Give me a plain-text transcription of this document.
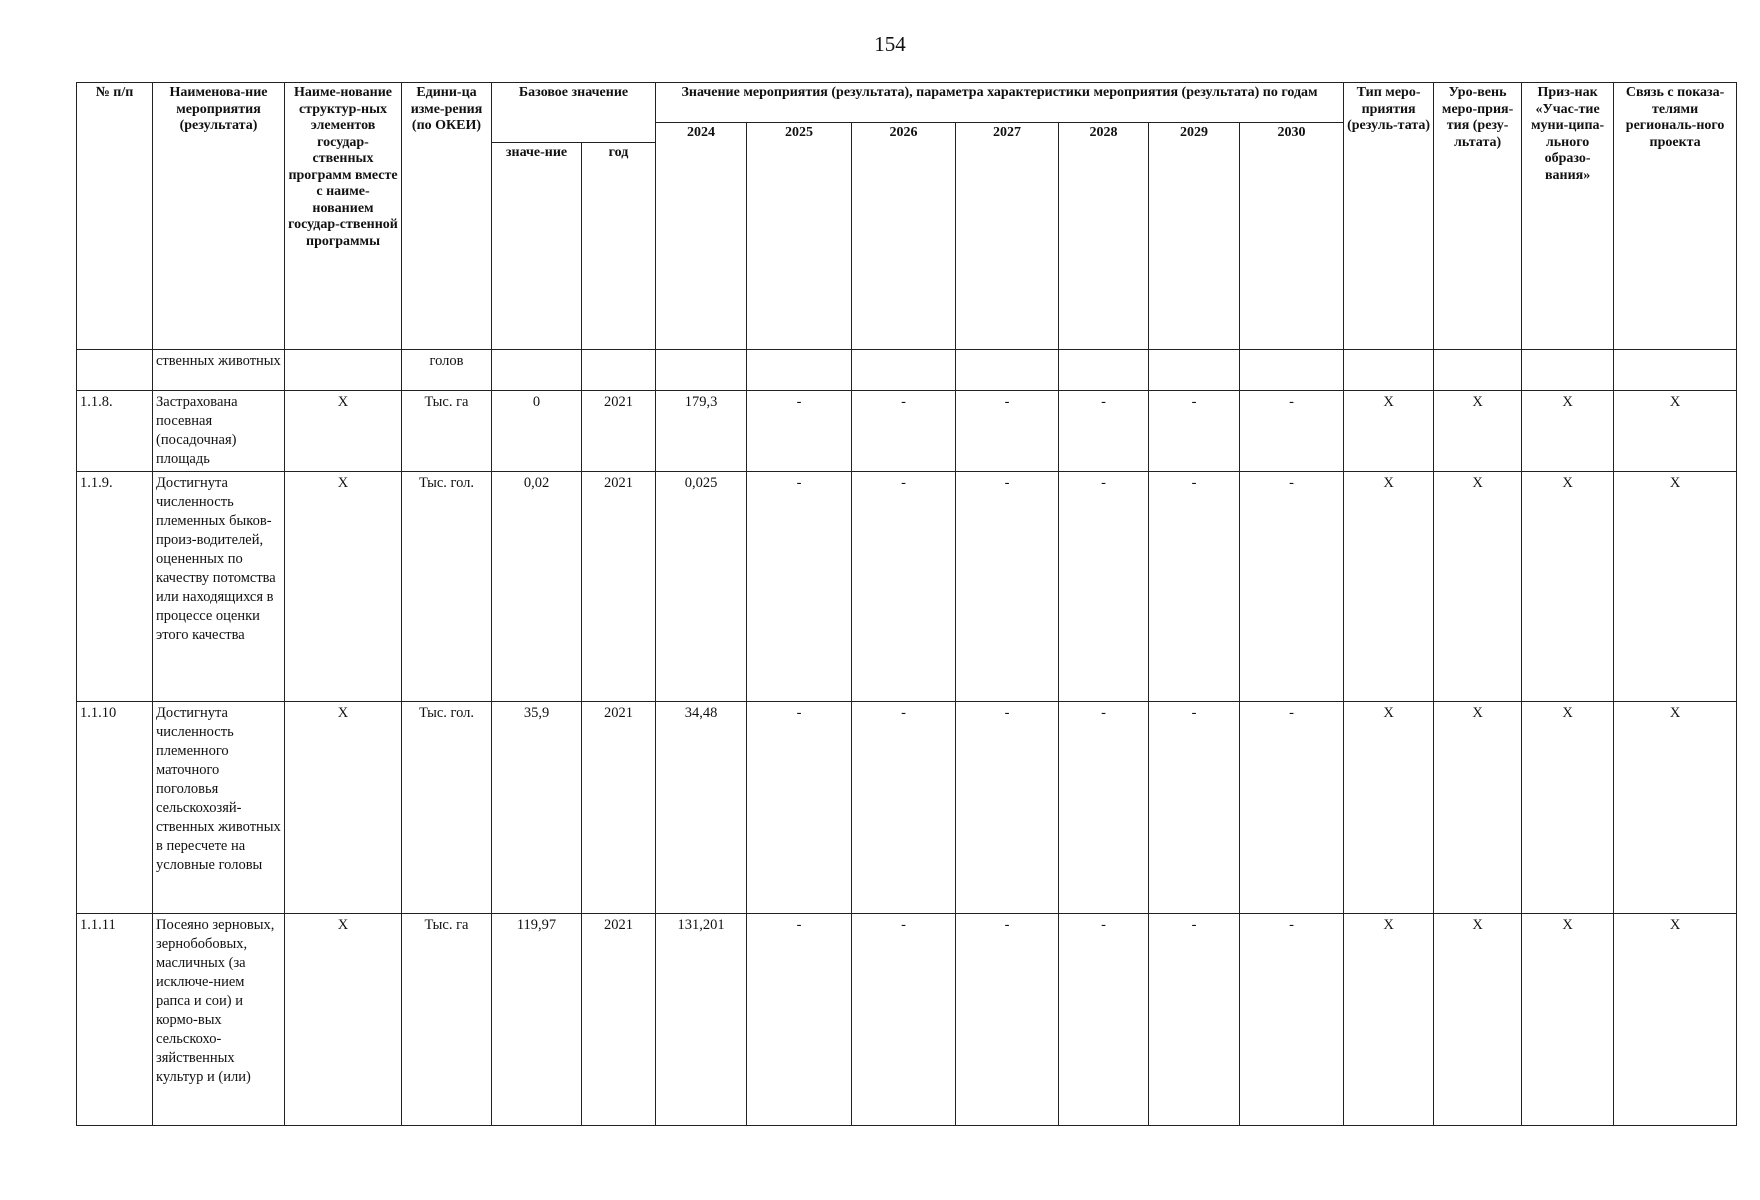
154
№ п/п	Наименова-ние мероприятия (результата)	Наиме-нование структур-ных элементов государ-ственных программ вместе с наиме-нованием государ-ственной программы	Едини-ца изме-рения (по ОКЕИ)	Базовое значение		Значение мероприятия (результата), параметра характеристики мероприятия (результата) по годам							Тип меро-приятия (резуль-тата)	Уро-вень меро-прия-тия (резу-льтата)	Приз-нак «Учас-тие муни-ципа-льного образо-вания»	Связь с показа-телями региональ-ного проекта
						2024	2025	2026	2027	2028	2029	2030				
				значе-ние	год											
	ственных животных		голов													
1.1.8.	Застрахована посевная (посадочная) площадь	Х	Тыс. га	0	2021	179,3	-	-	-	-	-	-	Х	Х	Х	Х
1.1.9.	Достигнута численность племенных быков-произ-водителей, оцененных по качеству потомства или находящихся в процессе оценки этого качества	Х	Тыс. гол.	0,02	2021	0,025	-	-	-	-	-	-	Х	Х	Х	Х
1.1.10	Достигнута численность племенного маточного поголовья сельскохозяй-ственных животных в пересчете на условные головы	Х	Тыс. гол.	35,9	2021	34,48	-	-	-	-	-	-	Х	Х	Х	Х
1.1.11	Посеяно зерновых, зернобобовых, масличных (за исключе-нием рапса и сои) и кормо-вых сельскохо-зяйственных культур и (или)	Х	Тыс. га	119,97	2021	131,201	-	-	-	-	-	-	Х	Х	Х	Х
